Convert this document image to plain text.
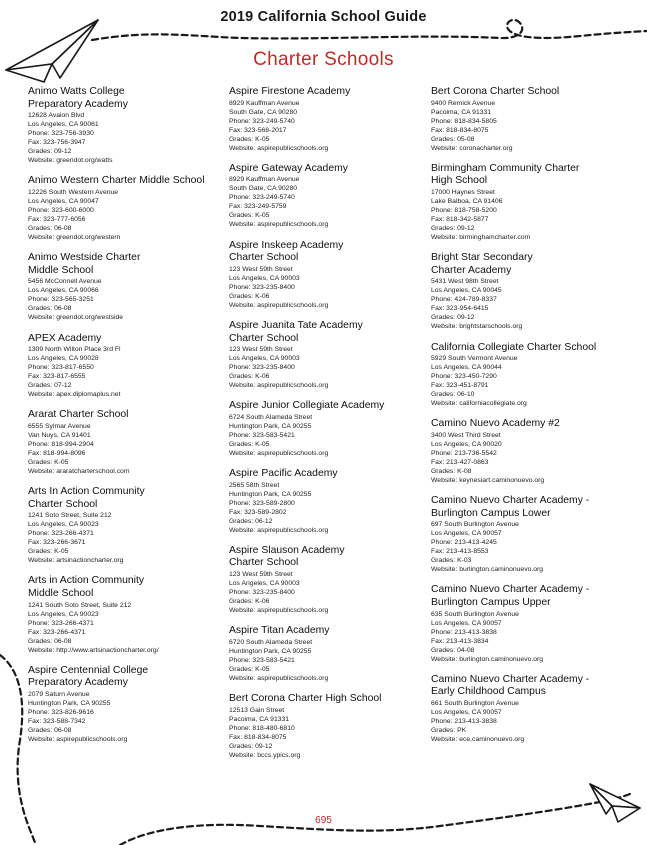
2019 California School Guide
Charter Schools
Animo Watts College
Preparatory Academy
12628 Avalon Blvd
Los Angeles, CA 90061
Phone: 323-756-3930
Fax: 323-756-3947
Grades: 09-12
Website: greendot.org/watts
Animo Western Charter Middle School
12226 South Western Avenue
Los Angeles, CA 90047
Phone: 323-600-6000
Fax: 323-777-6056
Grades: 06-08
Website: greendot.org/western
Animo Westside Charter
Middle School
5456 McConnell Avenue
Los Angeles, CA 90066
Phone: 323-565-3251
Grades: 06-08
Website: greendot.org/westside
APEX Academy
1309 North Wilton Place 3rd Fl
Los Angeles, CA 90028
Phone: 323-817-6550
Fax: 323-817-6555
Grades: 07-12
Website: apex.diplomaplus.net
Ararat Charter School
6555 Sylmar Avenue
Van Nuys, CA 91401
Phone: 818-994-2904
Fax: 818-994-8096
Grades: K-05
Website: araratcharterschool.com
Arts In Action Community
Charter School
1241 Soto Street, Suite 212
Los Angeles, CA 90023
Phone: 323-266-4371
Fax: 323-266-3671
Grades: K-05
Website: artsinactioncharter.org
Arts in Action Community
Middle School
1241 South Soto Street, Suite 212
Los Angeles, CA 90023
Phone: 323-266-4371
Fax: 323-266-4371
Grades: 06-08
Website: http://www.artsinactioncharter.org/
Aspire Centennial College
Preparatory Academy
2079 Saturn Avenue
Huntington Park, CA 90255
Phone: 323-826-9616
Fax: 323-588-7342
Grades: 06-08
Website: aspirepublicschools.org
Aspire Firestone Academy
8929 Kauffman Avenue
South Gate, CA 90280
Phone: 323-249-5740
Fax: 323-568-2017
Grades: K-05
Website: aspirepublicschools.org
Aspire Gateway Academy
8929 Kauffman Avenue
South Gate, CA 90280
Phone: 323-249-5740
Fax: 323-249-5759
Grades: K-05
Website: aspirepublicschools.org
Aspire Inskeep Academy
Charter School
123 West 59th Street
Los Angeles, CA 90003
Phone: 323-235-8400
Grades: K-06
Website: aspirepublicschools.org
Aspire Juanita Tate Academy
Charter School
123 West 59th Street
Los Angeles, CA 90003
Phone: 323-235-8400
Grades: K-06
Website: aspirepublicschools.org
Aspire Junior Collegiate Academy
6724 South Alameda Street
Huntington Park, CA 90255
Phone: 323-583-5421
Grades: K-05
Website: aspirepublicschools.org
Aspire Pacific Academy
2565 58th Street
Huntington Park, CA 90255
Phone: 323-589-2800
Fax: 323-589-2802
Grades: 06-12
Website: aspirepublicschools.org
Aspire Slauson Academy
Charter School
123 West 59th Street
Los Angeles, CA 90003
Phone: 323-235-8400
Grades: K-06
Website: aspirepublicschools.org
Aspire Titan Academy
6720 South Alameda Street
Huntington Park, CA 90255
Phone: 323-583-5421
Grades: K-05
Website: aspirepublicschools.org
Bert Corona Charter High School
12513 Gain Street
Pacoima, CA 91331
Phone: 818-480-6810
Fax: 818-834-8075
Grades: 09-12
Website: bccs.ypics.org
Bert Corona Charter School
9400 Remick Avenue
Pacoima, CA 91331
Phone: 818-834-5805
Fax: 818-834-8075
Grades: 05-08
Website: coronacharter.org
Birmingham Community Charter
High School
17000 Haynes Street
Lake Balboa, CA 91406
Phone: 818-758-5200
Fax: 818-342-5877
Grades: 09-12
Website: birminghamcharter.com
Bright Star Secondary
Charter Academy
5431 West 98th Street
Los Angeles, CA 90045
Phone: 424-789-8337
Fax: 323-954-6415
Grades: 09-12
Website: brightstarschools.org
California Collegiate Charter School
5929 South Vermont Avenue
Los Angeles, CA 90044
Phone: 323-450-7290
Fax: 323-451-8791
Grades: 06-10
Website: californiacollegiate.org
Camino Nuevo Academy #2
3400 West Third Street
Los Angeles, CA 90020
Phone: 213-736-5542
Fax: 213-427-0863
Grades: K-08
Website: keynesiart.caminonuevo.org
Camino Nuevo Charter Academy -
Burlington Campus Lower
697 South Burlington Avenue
Los Angeles, CA 90057
Phone: 213-413-4245
Fax: 213-413-8553
Grades: K-03
Website: burlington.caminonuevo.org
Camino Nuevo Charter Academy -
Burlington Campus Upper
635 South Burlington Avenue
Los Angeles, CA 90057
Phone: 213-413-3838
Fax: 213-413-3834
Grades: 04-08
Website: burlington.caminonuevo.org
Camino Nuevo Charter Academy -
Early Childhood Campus
661 South Burlington Avenue
Los Angeles, CA 90057
Phone: 213-413-3838
Grades: PK
Website: ece.caminonuevo.org
695
